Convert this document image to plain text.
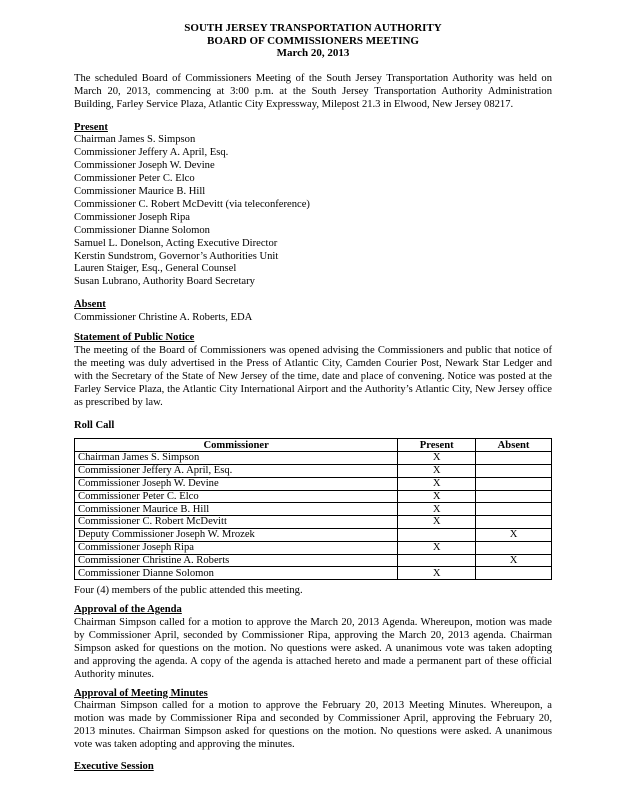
SOUTH JERSEY TRANSPORTATION AUTHORITY
BOARD OF COMMISSIONERS MEETING
March 20, 2013

The scheduled Board of Commissioners Meeting of the South Jersey Transportation Authority was held on March 20, 2013, commencing at 3:00 p.m. at the South Jersey Transportation Authority Administration Building, Farley Service Plaza, Atlantic City Expressway, Milepost 21.3 in Elwood, New Jersey 08217.

Present
Chairman James S. Simpson
Commissioner Jeffery A. April, Esq.
Commissioner Joseph W. Devine
Commissioner Peter C. Elco
Commissioner Maurice B. Hill
Commissioner C. Robert McDevitt (via teleconference)
Commissioner Joseph Ripa
Commissioner Dianne Solomon
Samuel L. Donelson, Acting Executive Director
Kerstin Sundstrom, Governor’s Authorities Unit
Lauren Staiger, Esq., General Counsel
Susan Lubrano, Authority Board Secretary
Absent
Commissioner Christine A. Roberts, EDA
Statement of Public Notice

The meeting of the Board of Commissioners was opened advising the Commissioners and public that notice of the meeting was duly advertised in the Press of Atlantic City, Camden Courier Post, Newark Star Ledger and with the Secretary of the State of New Jersey of the time, date and place of convening. Notice was posted at the Farley Service Plaza, the Atlantic City International Airport and the Authority’s Atlantic City, New Jersey office as prescribed by law.

Roll Call
Commissioner	Present	Absent
Chairman James S. Simpson	X	
Commissioner Jeffery A. April, Esq.	X	
Commissioner Joseph W. Devine	X	
Commissioner Peter C. Elco	X	
Commissioner Maurice B. Hill	X	
Commissioner C. Robert McDevitt	X	
Deputy Commissioner Joseph W. Mrozek		X
Commissioner Joseph Ripa	X	
Commissioner Christine A. Roberts		X
Commissioner Dianne Solomon	X	

Four (4) members of the public attended this meeting.

Approval of the Agenda

Chairman Simpson called for a motion to approve the March 20, 2013 Agenda. Whereupon, motion was made by Commissioner April, seconded by Commissioner Ripa, approving the March 20, 2013 agenda. Chairman Simpson asked for questions on the motion. No questions were asked. A unanimous vote was taken adopting and approving the agenda. A copy of the agenda is attached hereto and made a permanent part of these official Authority minutes.

Approval of Meeting Minutes

Chairman Simpson called for a motion to approve the February 20, 2013 Meeting Minutes. Whereupon, a motion was made by Commissioner Ripa and seconded by Commissioner April, approving the February 20, 2013 minutes. Chairman Simpson asked for questions on the motion. No questions were asked. A unanimous vote was taken adopting and approving the minutes.

Executive Session
